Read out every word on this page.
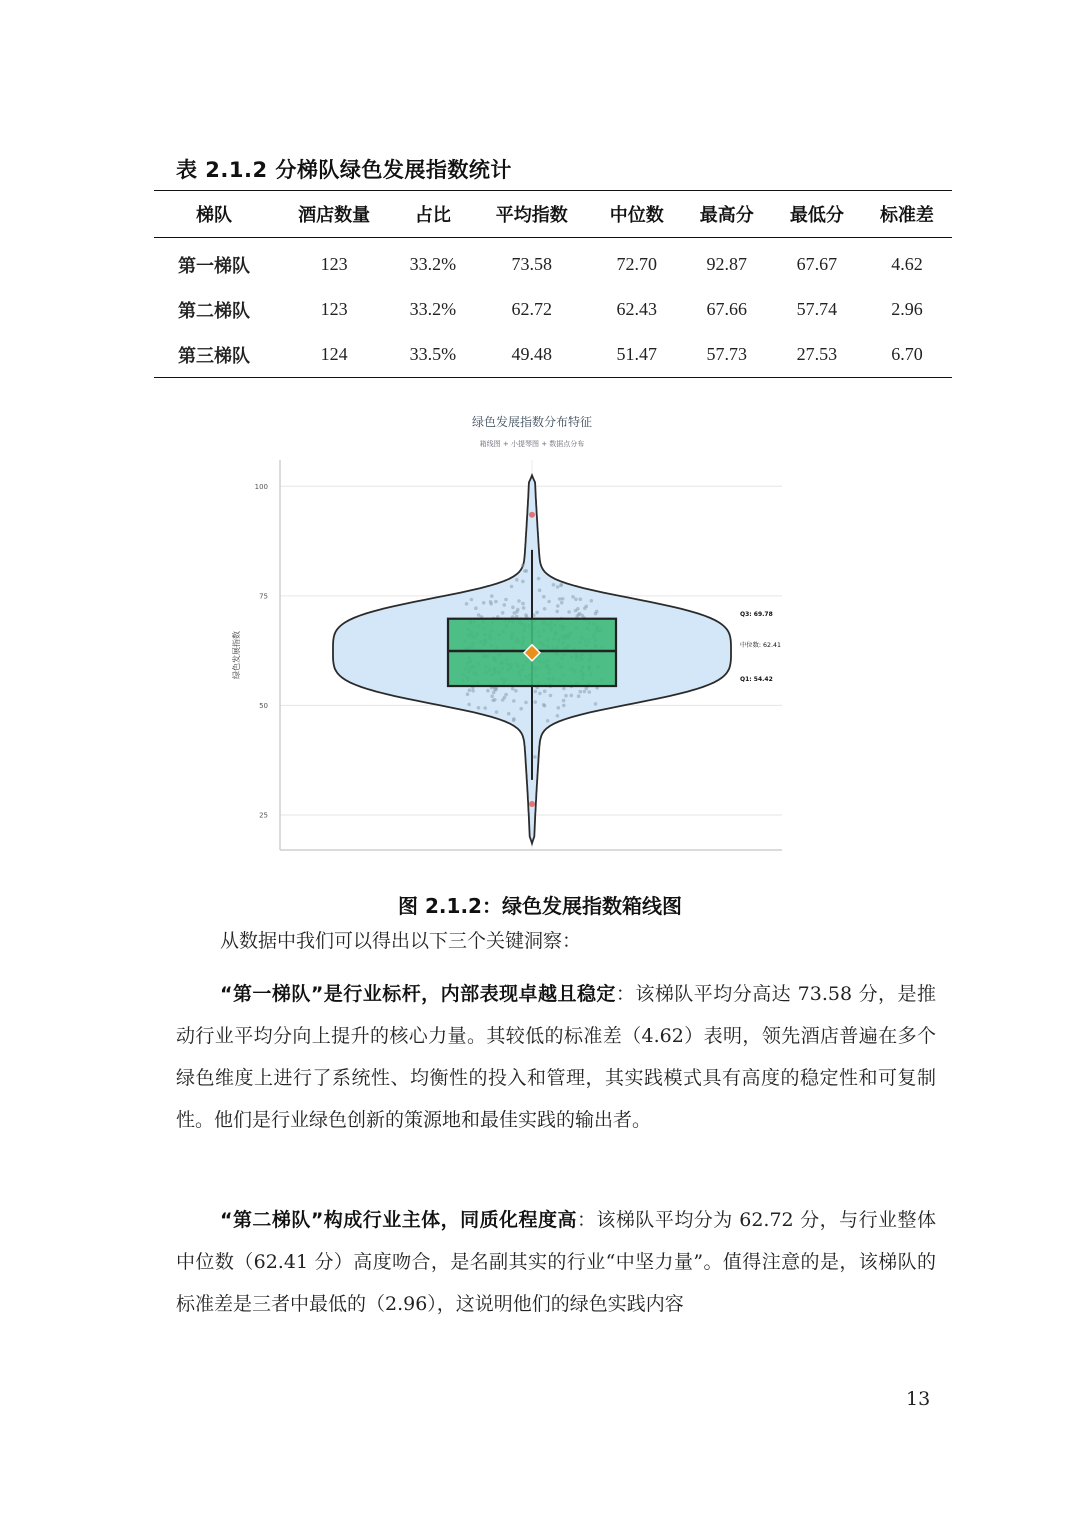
表 2.1.2 分梯队绿色发展指数统计
梯队	酒店数量	占比	平均指数	中位数	最高分	最低分	标准差
第一梯队	123	33.2%	73.58	72.70	92.87	67.67	4.62
第二梯队	123	33.2%	62.72	62.43	67.66	57.74	2.96
第三梯队	124	33.5%	49.48	51.47	57.73	27.53	6.70
绿色发展指数分布特征
箱线图 + 小提琴图 + 数据点分布
绿色发展指数
25
50
75
100
Q3: 69.78
中位数: 62.41
Q1: 54.42
图 2.1.2：绿色发展指数箱线图
从数据中我们可以得出以下三个关键洞察：

“第一梯队”是行业标杆，内部表现卓越且稳定：该梯队平均分高达 73.58 分，是推动行业平均分向上提升的核心力量。其较低的标准差（4.62）表明，领先酒店普遍在多个绿色维度上进行了系统性、均衡性的投入和管理，其实践模式具有高度的稳定性和可复制性。他们是行业绿色创新的策源地和最佳实践的输出者。

“第二梯队”构成行业主体，同质化程度高：该梯队平均分为 62.72 分，与行业整体中位数（62.41 分）高度吻合，是名副其实的行业“中坚力量”。值得注意的是，该梯队的标准差是三者中最低的（2.96），这说明他们的绿色实践内容

13
